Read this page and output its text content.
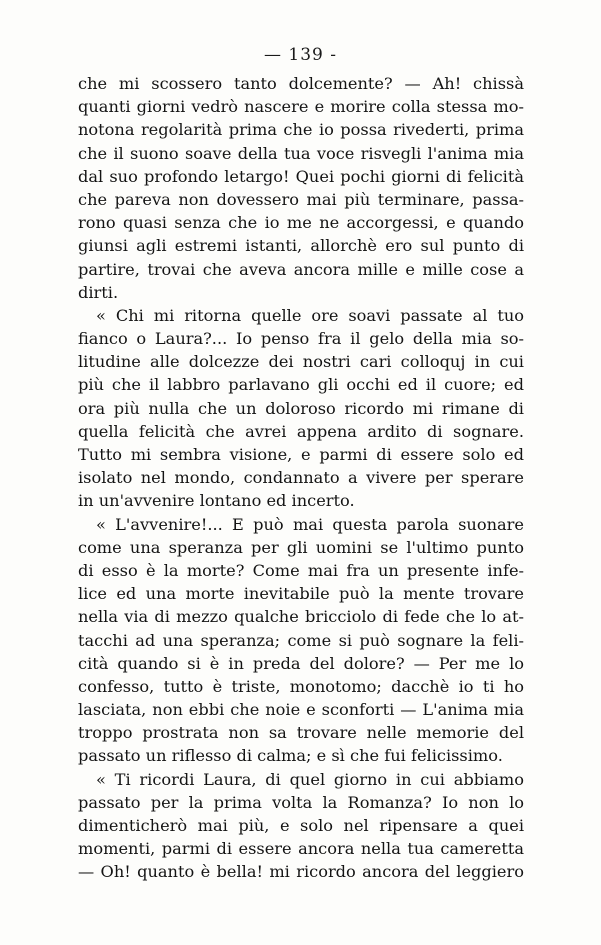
— 139 -
che mi scossero tanto dolcemente? — Ah! chissà
quanti giorni vedrò nascere e morire colla stessa mo-
notona regolarità prima che io possa rivederti, prima
che il suono soave della tua voce risvegli l'anima mia
dal suo profondo letargo! Quei pochi giorni di felicità
che pareva non dovessero mai più terminare, passa-
rono quasi senza che io me ne accorgessi, e quando
giunsi agli estremi istanti, allorchè ero sul punto di
partire, trovai che aveva ancora mille e mille cose a
dirti.
« Chi mi ritorna quelle ore soavi passate al tuo
fianco o Laura?... Io penso fra il gelo della mia so-
litudine alle dolcezze dei nostri cari colloquj in cui
più che il labbro parlavano gli occhi ed il cuore; ed
ora più nulla che un doloroso ricordo mi rimane di
quella felicità che avrei appena ardito di sognare.
Tutto mi sembra visione, e parmi di essere solo ed
isolato nel mondo, condannato a vivere per sperare
in un'avvenire lontano ed incerto.
« L'avvenire!... E può mai questa parola suonare
come una speranza per gli uomini se l'ultimo punto
di esso è la morte? Come mai fra un presente infe-
lice ed una morte inevitabile può la mente trovare
nella via di mezzo qualche bricciolo di fede che lo at-
tacchi ad una speranza; come si può sognare la feli-
cità quando si è in preda del dolore? — Per me lo
confesso, tutto è triste, monotomo; dacchè io ti ho
lasciata, non ebbi che noie e sconforti — L'anima mia
troppo prostrata non sa trovare nelle memorie del
passato un riflesso di calma; e sì che fui felicissimo.
« Ti ricordi Laura, di quel giorno in cui abbiamo
passato per la prima volta la Romanza? Io non lo
dimenticherò mai più, e solo nel ripensare a quei
momenti, parmi di essere ancora nella tua cameretta
— Oh! quanto è bella! mi ricordo ancora del leggiero
